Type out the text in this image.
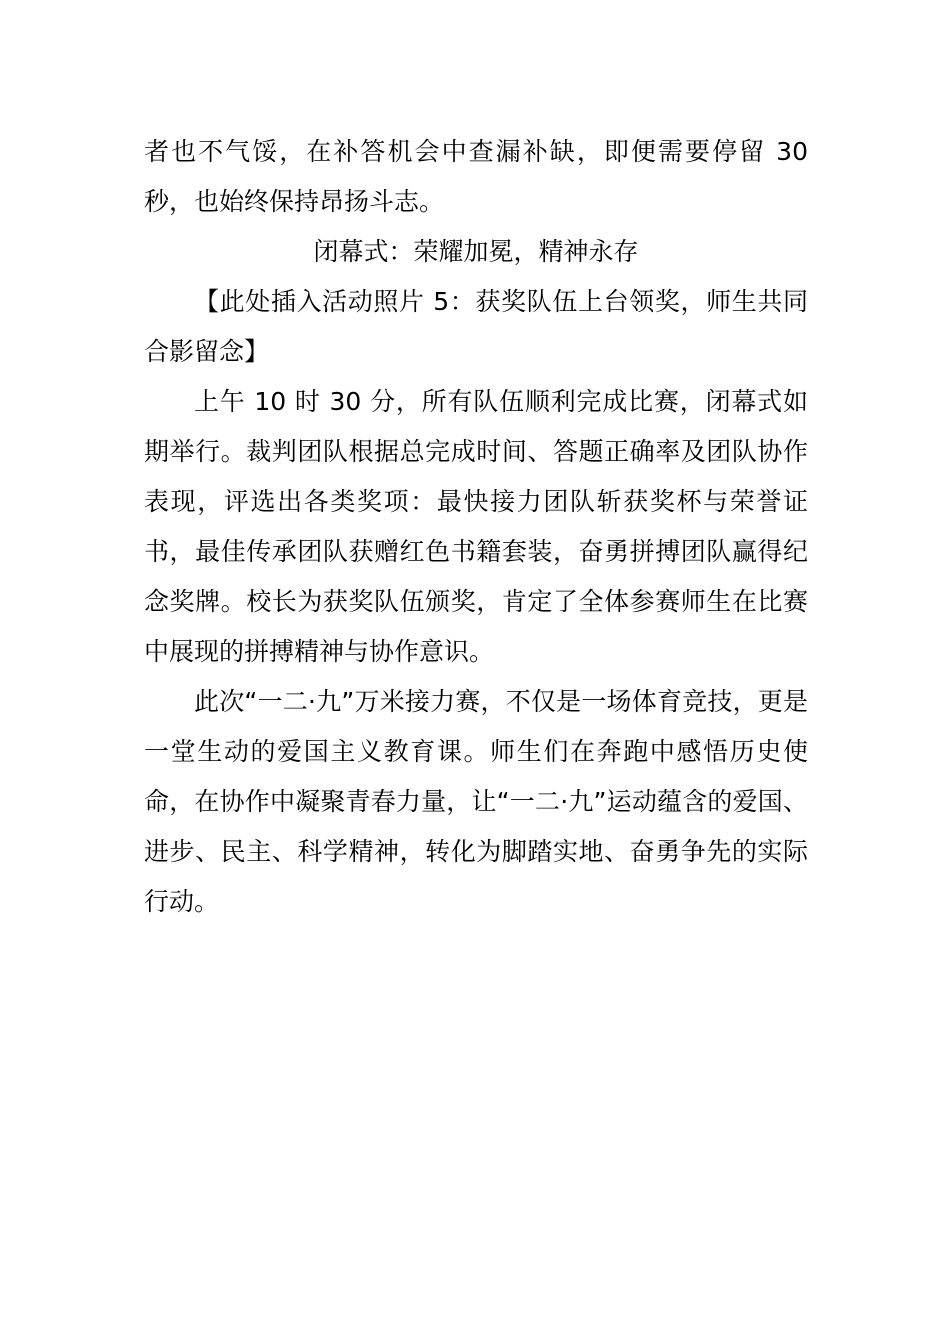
者也不气馁，在补答机会中查漏补缺，即便需要停留 30 秒，也始终保持昂扬斗志。

闭幕式：荣耀加冕，精神永存

【此处插入活动照片 5：获奖队伍上台领奖，师生共同合影留念】

上午 10 时 30 分，所有队伍顺利完成比赛，闭幕式如期举行。裁判团队根据总完成时间、答题正确率及团队协作表现，评选出各类奖项：最快接力团队斩获奖杯与荣誉证书，最佳传承团队获赠红色书籍套装，奋勇拼搏团队赢得纪念奖牌。校长为获奖队伍颁奖，肯定了全体参赛师生在比赛中展现的拼搏精神与协作意识。

此次“一二·九”万米接力赛，不仅是一场体育竞技，更是一堂生动的爱国主义教育课。师生们在奔跑中感悟历史使命，在协作中凝聚青春力量，让“一二·九”运动蕴含的爱国、进步、民主、科学精神，转化为脚踏实地、奋勇争先的实际行动。
